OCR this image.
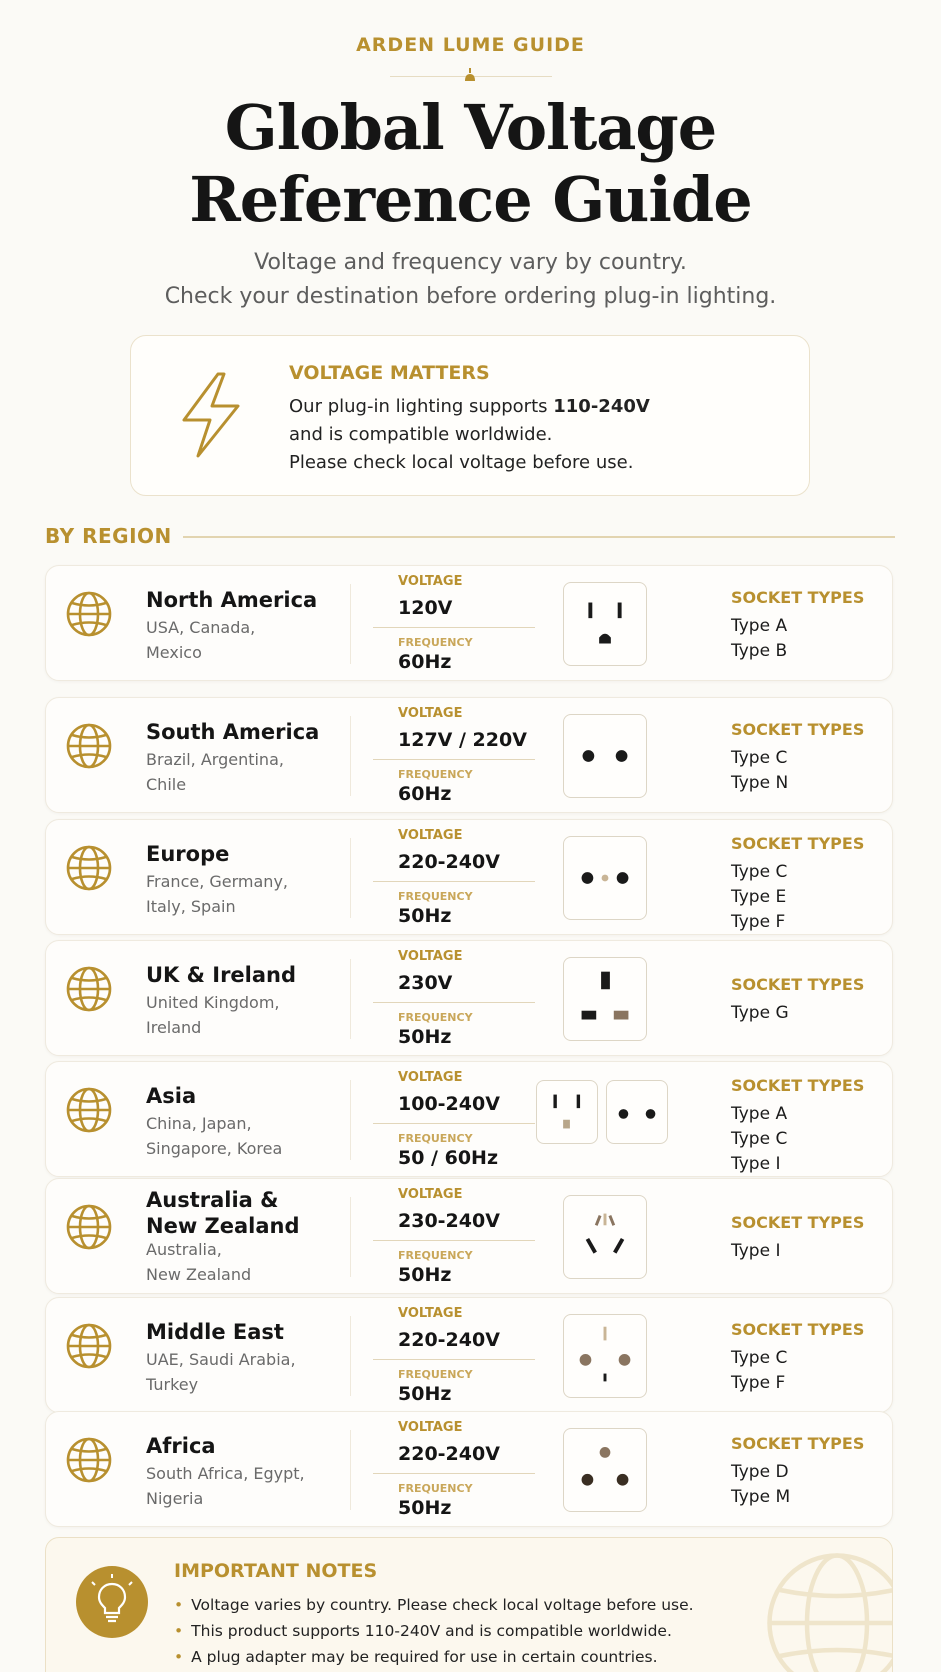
ARDEN LUME GUIDE
Global Voltage
Reference Guide
Voltage and frequency vary by country.
Check your destination before ordering plug-in lighting.
VOLTAGE MATTERS
Our plug-in lighting supports 110-240V
and is compatible worldwide.
Please check local voltage before use.
BY REGION
North America
USA, Canada,
Mexico
VOLTAGE
120V
FREQUENCY
60Hz
SOCKET TYPES
Type A
Type B
South America
Brazil, Argentina,
Chile
VOLTAGE
127V / 220V
FREQUENCY
60Hz
SOCKET TYPES
Type C
Type N
Europe
France, Germany,
Italy, Spain
VOLTAGE
220-240V
FREQUENCY
50Hz
SOCKET TYPES
Type C
Type E
Type F
UK & Ireland
United Kingdom,
Ireland
VOLTAGE
230V
FREQUENCY
50Hz
SOCKET TYPES
Type G
Asia
China, Japan,
Singapore, Korea
VOLTAGE
100-240V
FREQUENCY
50 / 60Hz
SOCKET TYPES
Type A
Type C
Type I
Australia &
New Zealand
Australia,
New Zealand
VOLTAGE
230-240V
FREQUENCY
50Hz
SOCKET TYPES
Type I
Middle East
UAE, Saudi Arabia,
Turkey
VOLTAGE
220-240V
FREQUENCY
50Hz
SOCKET TYPES
Type C
Type F
Africa
South Africa, Egypt,
Nigeria
VOLTAGE
220-240V
FREQUENCY
50Hz
SOCKET TYPES
Type D
Type M
IMPORTANT NOTES
• Voltage varies by country. Please check local voltage before use.
• This product supports 110-240V and is compatible worldwide.
• A plug adapter may be required for use in certain countries.
